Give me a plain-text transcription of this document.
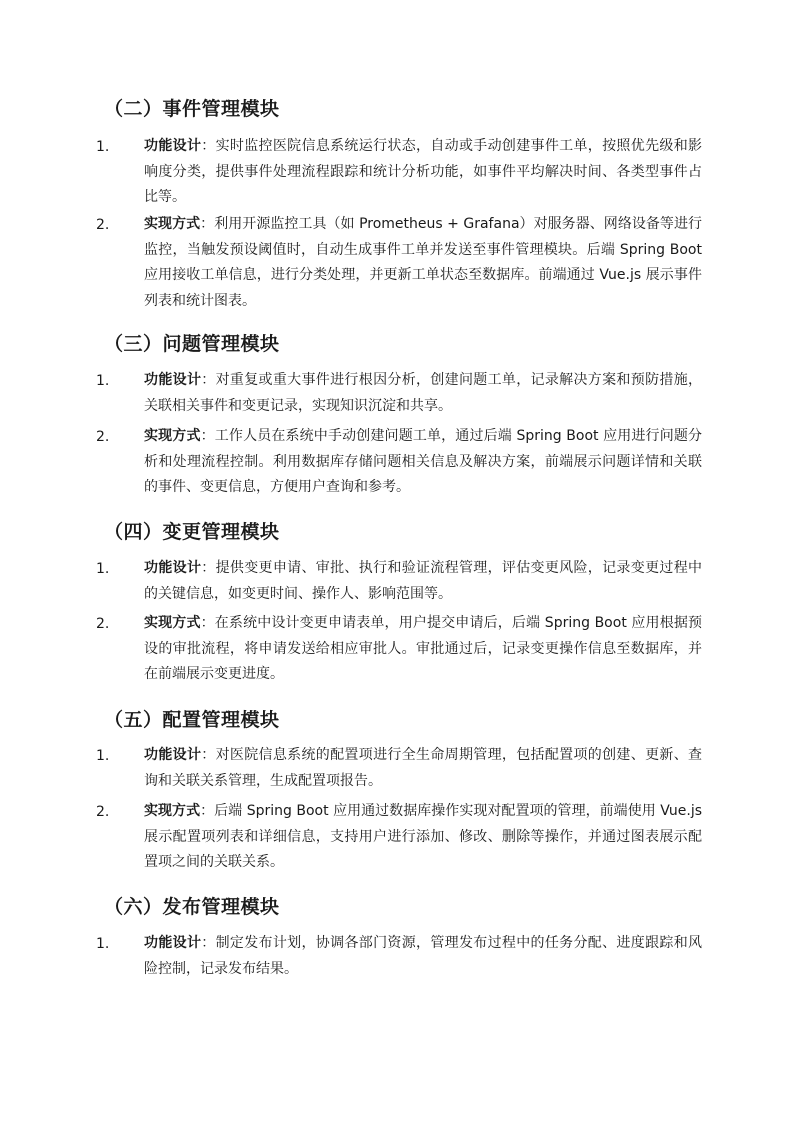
（二）事件管理模块
1. 功能设计：实时监控医院信息系统运行状态，自动或手动创建事件工单，按照优先级和影响度分类，提供事件处理流程跟踪和统计分析功能，如事件平均解决时间、各类型事件占比等。
2. 实现方式：利用开源监控工具（如 Prometheus + Grafana）对服务器、网络设备等进行监控，当触发预设阈值时，自动生成事件工单并发送至事件管理模块。后端 Spring Boot 应用接收工单信息，进行分类处理，并更新工单状态至数据库。前端通过 Vue.js 展示事件列表和统计图表。
（三）问题管理模块
1. 功能设计：对重复或重大事件进行根因分析，创建问题工单，记录解决方案和预防措施，关联相关事件和变更记录，实现知识沉淀和共享。
2. 实现方式：工作人员在系统中手动创建问题工单，通过后端 Spring Boot 应用进行问题分析和处理流程控制。利用数据库存储问题相关信息及解决方案，前端展示问题详情和关联的事件、变更信息，方便用户查询和参考。
（四）变更管理模块
1. 功能设计：提供变更申请、审批、执行和验证流程管理，评估变更风险，记录变更过程中的关键信息，如变更时间、操作人、影响范围等。
2. 实现方式：在系统中设计变更申请表单，用户提交申请后，后端 Spring Boot 应用根据预设的审批流程，将申请发送给相应审批人。审批通过后，记录变更操作信息至数据库，并在前端展示变更进度。
（五）配置管理模块
1. 功能设计：对医院信息系统的配置项进行全生命周期管理，包括配置项的创建、更新、查询和关联关系管理，生成配置项报告。
2. 实现方式：后端 Spring Boot 应用通过数据库操作实现对配置项的管理，前端使用 Vue.js 展示配置项列表和详细信息，支持用户进行添加、修改、删除等操作，并通过图表展示配置项之间的关联关系。
（六）发布管理模块
1. 功能设计：制定发布计划，协调各部门资源，管理发布过程中的任务分配、进度跟踪和风险控制，记录发布结果。
